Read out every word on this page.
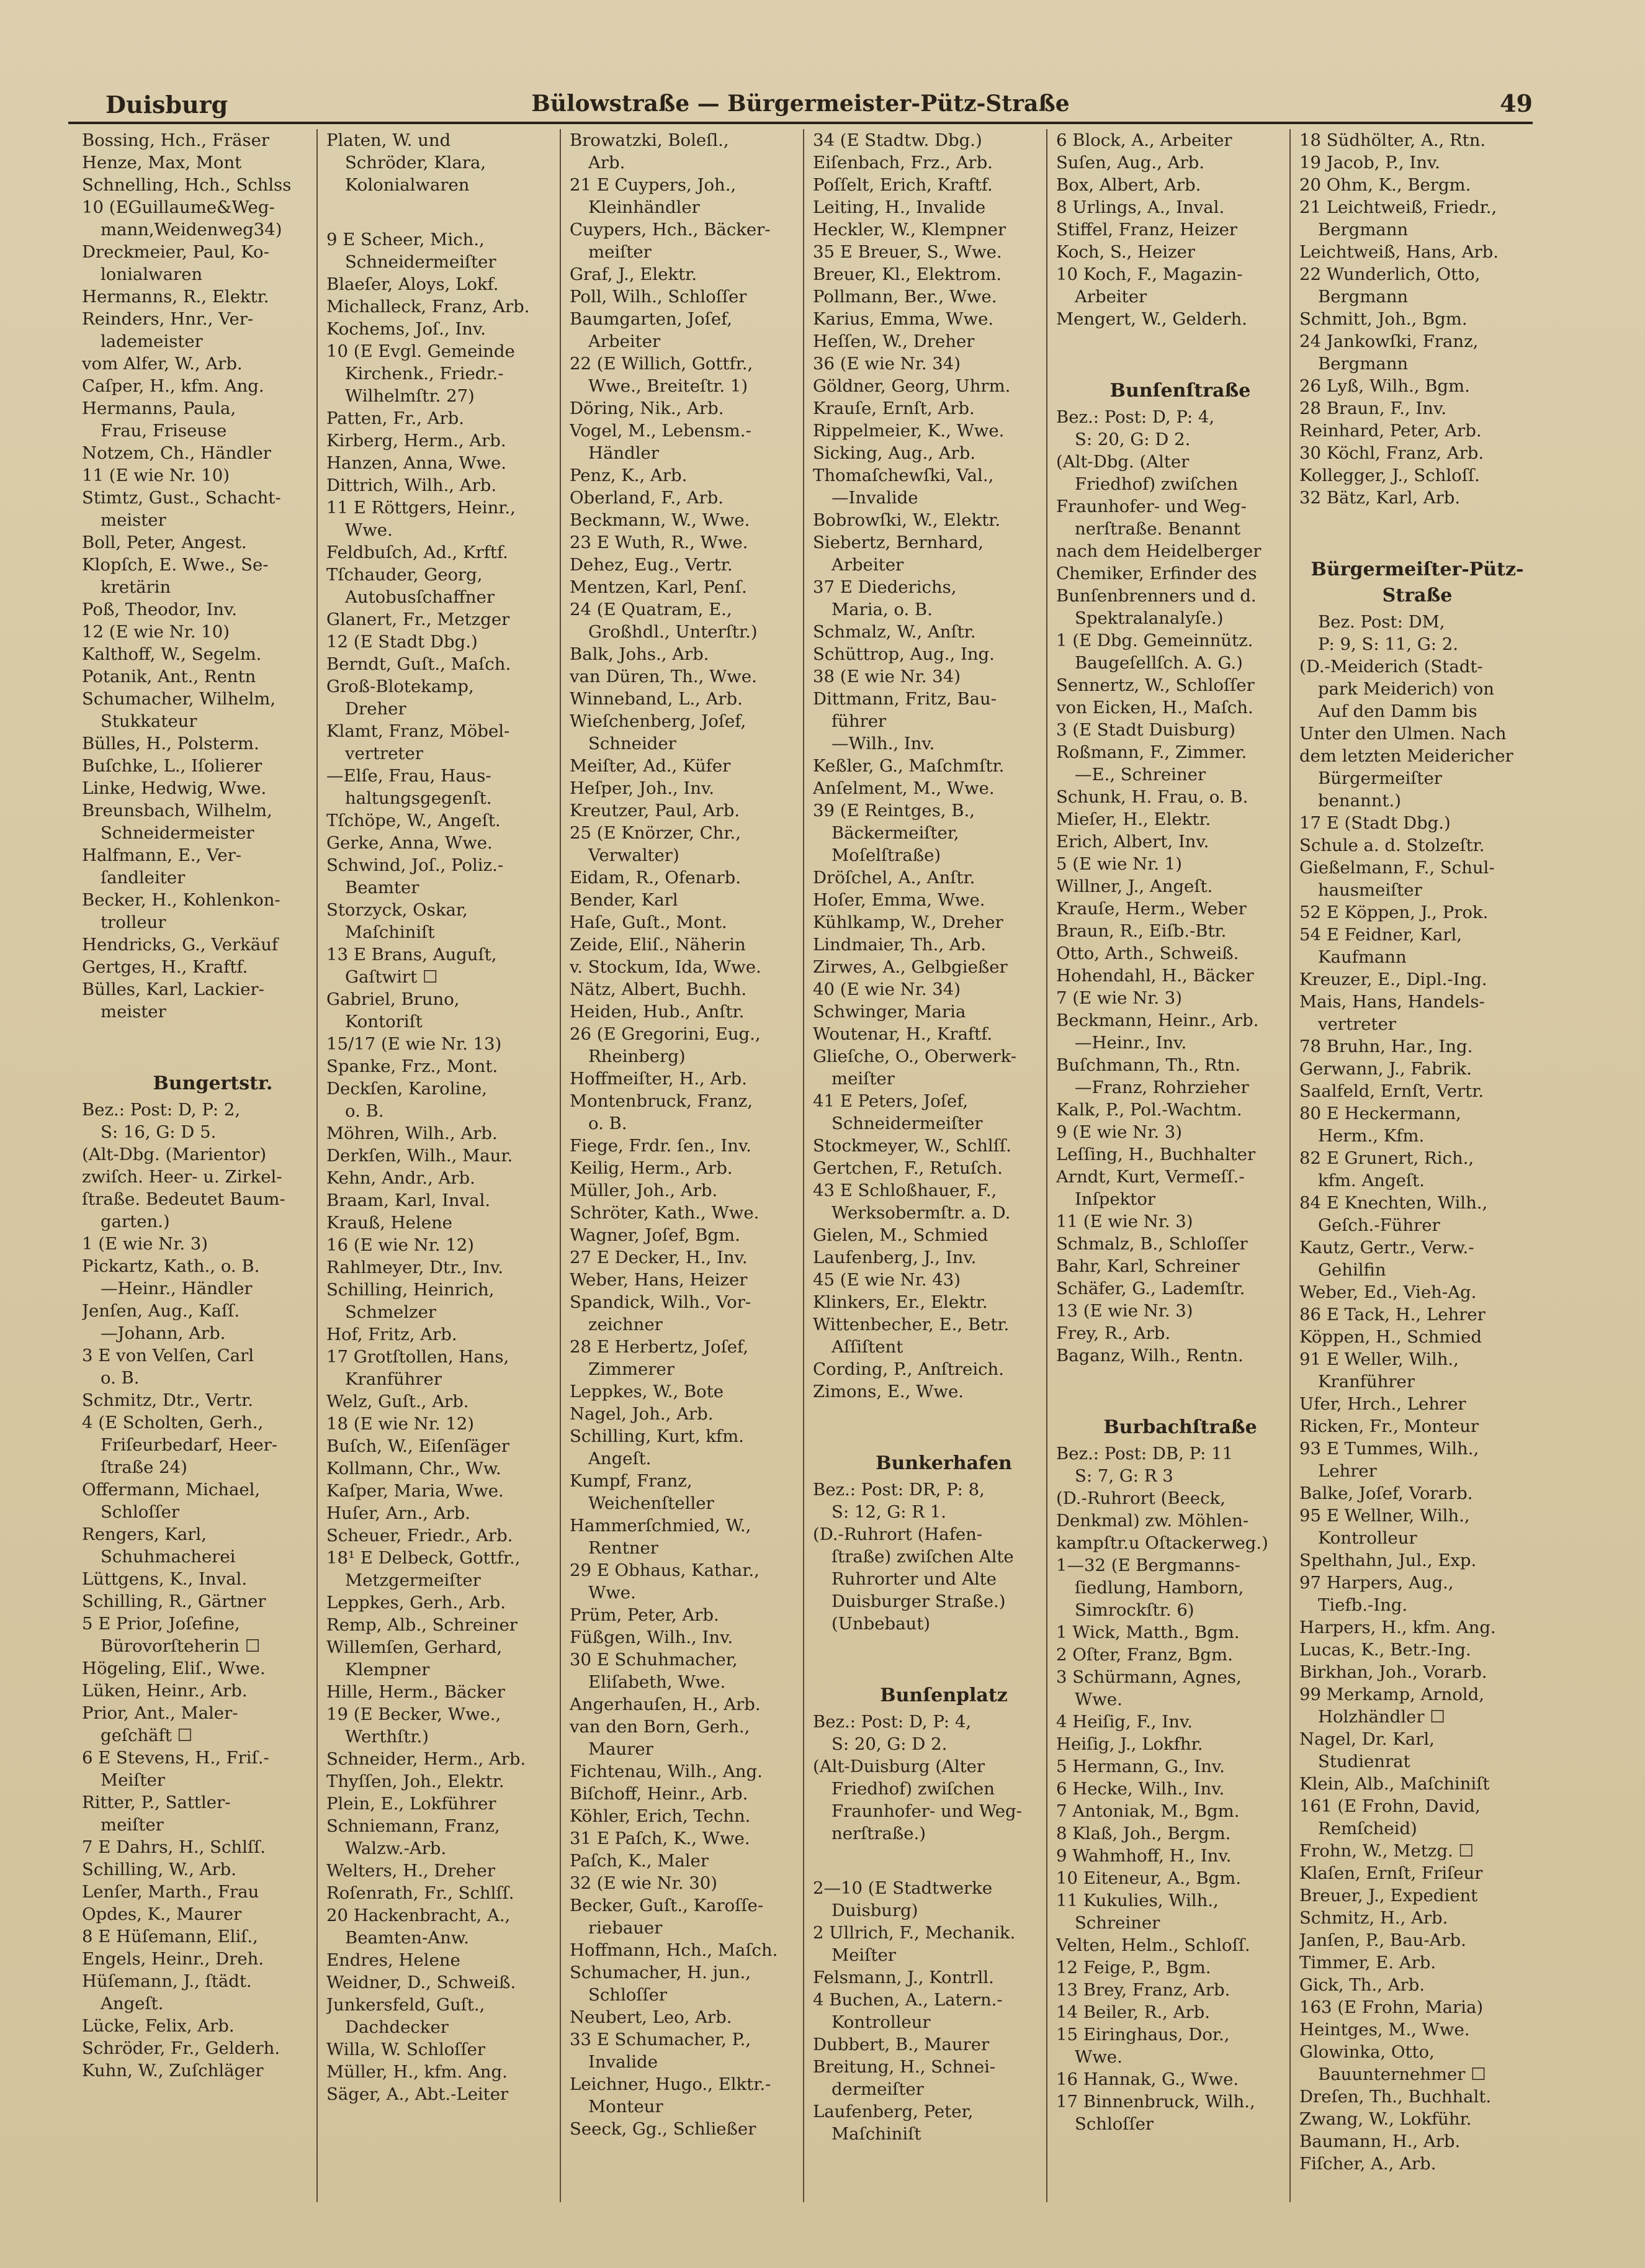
Duisburg	Bülowstraße — Bürgermeister-Pütz-Straße	49
Bossing, Hch., Fräser
Henze, Max, Mont
Schnelling, Hch., Schlss
10 (EGuillaume&Weg-
mann,Weidenweg34)
Dreckmeier, Paul, Ko-
lonialwaren
Hermanns, R., Elektr.
Reinders, Hnr., Ver-
lademeister
vom Alfer, W., Arb.
Caſper, H., kfm. Ang.
Hermanns, Paula,
Frau, Friseuse
Notzem, Ch., Händler
11 (E wie Nr. 10)
Stimtz, Gust., Schacht-
meister
Boll, Peter, Angest.
Klopſch, E. Wwe., Se-
kretärin
Poß, Theodor, Inv.
12 (E wie Nr. 10)
Kalthoff, W., Segelm.
Potanik, Ant., Rentn
Schumacher, Wilhelm,
Stukkateur
Bülles, H., Polsterm.
Buſchke, L., Iſolierer
Linke, Hedwig, Wwe.
Breunsbach, Wilhelm,
Schneidermeister
Halfmann, E., Ver-
ſandleiter
Becker, H., Kohlenkon-
trolleur
Hendricks, G., Verkäuf
Gertges, H., Kraftf.
Bülles, Karl, Lackier-
meister
Bungertstr.
Bez.: Post: D, P: 2,
S: 16, G: D 5.
(Alt-Dbg. (Marientor)
zwiſch. Heer- u. Zirkel-
ſtraße. Bedeutet Baum-
garten.)
1 (E wie Nr. 3)
Pickartz, Kath., o. B.
—Heinr., Händler
Jenſen, Aug., Kaſſ.
—Johann, Arb.
3 E von Velſen, Carl
o. B.
Schmitz, Dtr., Vertr.
4 (E Scholten, Gerh.,
Friſeurbedarf, Heer-
ſtraße 24)
Offermann, Michael,
Schloſſer
Rengers, Karl,
Schuhmacherei
Lüttgens, K., Inval.
Schilling, R., Gärtner
5 E Prior, Joſefine,
Bürovorſteherin ☐
Högeling, Eliſ., Wwe.
Lüken, Heinr., Arb.
Prior, Ant., Maler-
geſchäft ☐
6 E Stevens, H., Friſ.-
Meiſter
Ritter, P., Sattler-
meiſter
7 E Dahrs, H., Schlſſ.
Schilling, W., Arb.
Lenſer, Marth., Frau
Opdes, K., Maurer
8 E Hüſemann, Eliſ.,
Engels, Heinr., Dreh.
Hüſemann, J., ſtädt.
Angeſt.
Lücke, Felix, Arb.
Schröder, Fr., Gelderh.
Kuhn, W., Zuſchläger
Platen, W. und
Schröder, Klara,
Kolonialwaren
9 E Scheer, Mich.,
Schneidermeiſter
Blaeſer, Aloys, Lokf.
Michalleck, Franz, Arb.
Kochems, Joſ., Inv.
10 (E Evgl. Gemeinde
Kirchenk., Friedr.-
Wilhelmſtr. 27)
Patten, Fr., Arb.
Kirberg, Herm., Arb.
Hanzen, Anna, Wwe.
Dittrich, Wilh., Arb.
11 E Röttgers, Heinr.,
Wwe.
Feldbuſch, Ad., Krftf.
Tſchauder, Georg,
Autobusſchaffner
Glanert, Fr., Metzger
12 (E Stadt Dbg.)
Berndt, Guſt., Maſch.
Groß-Blotekamp,
Dreher
Klamt, Franz, Möbel-
vertreter
—Elſe, Frau, Haus-
haltungsgegenſt.
Tſchöpe, W., Angeſt.
Gerke, Anna, Wwe.
Schwind, Joſ., Poliz.-
Beamter
Storzyck, Oskar,
Maſchiniſt
13 E Brans, Auguſt,
Gaſtwirt ☐
Gabriel, Bruno,
Kontoriſt
15/17 (E wie Nr. 13)
Spanke, Frz., Mont.
Deckſen, Karoline,
o. B.
Möhren, Wilh., Arb.
Derkſen, Wilh., Maur.
Kehn, Andr., Arb.
Braam, Karl, Inval.
Krauß, Helene
16 (E wie Nr. 12)
Rahlmeyer, Dtr., Inv.
Schilling, Heinrich,
Schmelzer
Hof, Fritz, Arb.
17 Grotſtollen, Hans,
Kranführer
Welz, Guſt., Arb.
18 (E wie Nr. 12)
Buſch, W., Eiſenſäger
Kollmann, Chr., Ww.
Kaſper, Maria, Wwe.
Huſer, Arn., Arb.
Scheuer, Friedr., Arb.
18¹ E Delbeck, Gottfr.,
Metzgermeiſter
Leppkes, Gerh., Arb.
Remp, Alb., Schreiner
Willemſen, Gerhard,
Klempner
Hille, Herm., Bäcker
19 (E Becker, Wwe.,
Werthſtr.)
Schneider, Herm., Arb.
Thyſſen, Joh., Elektr.
Plein, E., Lokführer
Schniemann, Franz,
Walzw.-Arb.
Welters, H., Dreher
Roſenrath, Fr., Schlſſ.
20 Hackenbracht, A.,
Beamten-Anw.
Endres, Helene
Weidner, D., Schweiß.
Junkersfeld, Guſt.,
Dachdecker
Willa, W. Schloſſer
Müller, H., kfm. Ang.
Säger, A., Abt.-Leiter
Browatzki, Boleſl.,
Arb.
21 E Cuypers, Joh.,
Kleinhändler
Cuypers, Hch., Bäcker-
meiſter
Graf, J., Elektr.
Poll, Wilh., Schloſſer
Baumgarten, Joſef,
Arbeiter
22 (E Willich, Gottfr.,
Wwe., Breiteſtr. 1)
Döring, Nik., Arb.
Vogel, M., Lebensm.-
Händler
Penz, K., Arb.
Oberland, F., Arb.
Beckmann, W., Wwe.
23 E Wuth, R., Wwe.
Dehez, Eug., Vertr.
Mentzen, Karl, Penſ.
24 (E Quatram, E.,
Großhdl., Unterſtr.)
Balk, Johs., Arb.
van Düren, Th., Wwe.
Winneband, L., Arb.
Wieſchenberg, Joſef,
Schneider
Meiſter, Ad., Küfer
Heſper, Joh., Inv.
Kreutzer, Paul, Arb.
25 (E Knörzer, Chr.,
Verwalter)
Eidam, R., Ofenarb.
Bender, Karl
Haſe, Guſt., Mont.
Zeide, Eliſ., Näherin
v. Stockum, Ida, Wwe.
Nätz, Albert, Buchh.
Heiden, Hub., Anſtr.
26 (E Gregorini, Eug.,
Rheinberg)
Hoffmeiſter, H., Arb.
Montenbruck, Franz,
o. B.
Fiege, Frdr. ſen., Inv.
Keilig, Herm., Arb.
Müller, Joh., Arb.
Schröter, Kath., Wwe.
Wagner, Joſef, Bgm.
27 E Decker, H., Inv.
Weber, Hans, Heizer
Spandick, Wilh., Vor-
zeichner
28 E Herbertz, Joſef,
Zimmerer
Leppkes, W., Bote
Nagel, Joh., Arb.
Schilling, Kurt, kfm.
Angeſt.
Kumpf, Franz,
Weichenſteller
Hammerſchmied, W.,
Rentner
29 E Obhaus, Kathar.,
Wwe.
Prüm, Peter, Arb.
Füßgen, Wilh., Inv.
30 E Schuhmacher,
Eliſabeth, Wwe.
Angerhauſen, H., Arb.
van den Born, Gerh.,
Maurer
Fichtenau, Wilh., Ang.
Biſchoff, Heinr., Arb.
Köhler, Erich, Techn.
31 E Paſch, K., Wwe.
Paſch, K., Maler
32 (E wie Nr. 30)
Becker, Guſt., Karoſſe-
riebauer
Hoffmann, Hch., Maſch.
Schumacher, H. jun.,
Schloſſer
Neubert, Leo, Arb.
33 E Schumacher, P.,
Invalide
Leichner, Hugo., Elktr.-
Monteur
Seeck, Gg., Schließer
34 (E Stadtw. Dbg.)
Eiſenbach, Frz., Arb.
Poſſelt, Erich, Kraftf.
Leiting, H., Invalide
Heckler, W., Klempner
35 E Breuer, S., Wwe.
Breuer, Kl., Elektrom.
Pollmann, Ber., Wwe.
Karius, Emma, Wwe.
Heſſen, W., Dreher
36 (E wie Nr. 34)
Göldner, Georg, Uhrm.
Krauſe, Ernſt, Arb.
Rippelmeier, K., Wwe.
Sicking, Aug., Arb.
Thomaſchewſki, Val.,
—Invalide
Bobrowſki, W., Elektr.
Siebertz, Bernhard,
Arbeiter
37 E Diederichs,
Maria, o. B.
Schmalz, W., Anſtr.
Schüttrop, Aug., Ing.
38 (E wie Nr. 34)
Dittmann, Fritz, Bau-
führer
—Wilh., Inv.
Keßler, G., Maſchmſtr.
Anſelment, M., Wwe.
39 (E Reintges, B.,
Bäckermeiſter,
Moſelſtraße)
Dröſchel, A., Anſtr.
Hoſer, Emma, Wwe.
Kühlkamp, W., Dreher
Lindmaier, Th., Arb.
Zirwes, A., Gelbgießer
40 (E wie Nr. 34)
Schwinger, Maria
Woutenar, H., Kraftf.
Glieſche, O., Oberwerk-
meiſter
41 E Peters, Joſef,
Schneidermeiſter
Stockmeyer, W., Schlſſ.
Gertchen, F., Retuſch.
43 E Schloßhauer, F.,
Werksobermſtr. a. D.
Gielen, M., Schmied
Laufenberg, J., Inv.
45 (E wie Nr. 43)
Klinkers, Er., Elektr.
Wittenbecher, E., Betr.
Aſſiſtent
Cording, P., Anſtreich.
Zimons, E., Wwe.
Bunkerhafen
Bez.: Post: DR, P: 8,
S: 12, G: R 1.
(D.-Ruhrort (Hafen-
ſtraße) zwiſchen Alte
Ruhrorter und Alte
Duisburger Straße.)
(Unbebaut)
Bunſenplatz
Bez.: Post: D, P: 4,
S: 20, G: D 2.
(Alt-Duisburg (Alter
Friedhof) zwiſchen
Fraunhofer- und Weg-
nerſtraße.)
2—10 (E Stadtwerke
Duisburg)
2 Ullrich, F., Mechanik.
Meiſter
Felsmann, J., Kontrll.
4 Buchen, A., Latern.-
Kontrolleur
Dubbert, B., Maurer
Breitung, H., Schnei-
dermeiſter
Laufenberg, Peter,
Maſchiniſt
6 Block, A., Arbeiter
Suſen, Aug., Arb.
Box, Albert, Arb.
8 Urlings, A., Inval.
Stiffel, Franz, Heizer
Koch, S., Heizer
10 Koch, F., Magazin-
Arbeiter
Mengert, W., Gelderh.
Bunſenſtraße
Bez.: Post: D, P: 4,
S: 20, G: D 2.
(Alt-Dbg. (Alter
Friedhof) zwiſchen
Fraunhofer- und Weg-
nerſtraße. Benannt
nach dem Heidelberger
Chemiker, Erfinder des
Bunſenbrenners und d.
Spektralanalyſe.)
1 (E Dbg. Gemeinnütz.
Baugeſellſch. A. G.)
Sennertz, W., Schloſſer
von Eicken, H., Maſch.
3 (E Stadt Duisburg)
Roßmann, F., Zimmer.
—E., Schreiner
Schunk, H. Frau, o. B.
Mieſer, H., Elektr.
Erich, Albert, Inv.
5 (E wie Nr. 1)
Willner, J., Angeſt.
Krauſe, Herm., Weber
Braun, R., Eiſb.-Btr.
Otto, Arth., Schweiß.
Hohendahl, H., Bäcker
7 (E wie Nr. 3)
Beckmann, Heinr., Arb.
—Heinr., Inv.
Buſchmann, Th., Rtn.
—Franz, Rohrzieher
Kalk, P., Pol.-Wachtm.
9 (E wie Nr. 3)
Leſſing, H., Buchhalter
Arndt, Kurt, Vermeſſ.-
Inſpektor
11 (E wie Nr. 3)
Schmalz, B., Schloſſer
Bahr, Karl, Schreiner
Schäfer, G., Lademſtr.
13 (E wie Nr. 3)
Frey, R., Arb.
Baganz, Wilh., Rentn.
Burbachſtraße
Bez.: Post: DB, P: 11
S: 7, G: R 3
(D.-Ruhrort (Beeck,
Denkmal) zw. Möhlen-
kampſtr.u Oſtackerweg.)
1—32 (E Bergmanns-
ſiedlung, Hamborn,
Simrockſtr. 6)
1 Wick, Matth., Bgm.
2 Oſter, Franz, Bgm.
3 Schürmann, Agnes,
Wwe.
4 Heiſig, F., Inv.
Heiſig, J., Lokfhr.
5 Hermann, G., Inv.
6 Hecke, Wilh., Inv.
7 Antoniak, M., Bgm.
8 Klaß, Joh., Bergm.
9 Wahmhoff, H., Inv.
10 Eiteneur, A., Bgm.
11 Kukulies, Wilh.,
Schreiner
Velten, Helm., Schloſſ.
12 Feige, P., Bgm.
13 Brey, Franz, Arb.
14 Beiler, R., Arb.
15 Eiringhaus, Dor.,
Wwe.
16 Hannak, G., Wwe.
17 Binnenbruck, Wilh.,
Schloſſer
18 Südhölter, A., Rtn.
19 Jacob, P., Inv.
20 Ohm, K., Bergm.
21 Leichtweiß, Friedr.,
Bergmann
Leichtweiß, Hans, Arb.
22 Wunderlich, Otto,
Bergmann
Schmitt, Joh., Bgm.
24 Jankowſki, Franz,
Bergmann
26 Lyß, Wilh., Bgm.
28 Braun, F., Inv.
Reinhard, Peter, Arb.
30 Köchl, Franz, Arb.
Kollegger, J., Schloſſ.
32 Bätz, Karl, Arb.
Bürgermeiſter-Pütz-
Straße
Bez. Post: DM,
P: 9, S: 11, G: 2.
(D.-Meiderich (Stadt-
park Meiderich) von
Auf den Damm bis
Unter den Ulmen. Nach
dem letzten Meidericher
Bürgermeiſter
benannt.)
17 E (Stadt Dbg.)
Schule a. d. Stolzeſtr.
Gießelmann, F., Schul-
hausmeiſter
52 E Köppen, J., Prok.
54 E Feidner, Karl,
Kaufmann
Kreuzer, E., Dipl.-Ing.
Mais, Hans, Handels-
vertreter
78 Bruhn, Har., Ing.
Gerwann, J., Fabrik.
Saalfeld, Ernſt, Vertr.
80 E Heckermann,
Herm., Kfm.
82 E Grunert, Rich.,
kfm. Angeſt.
84 E Knechten, Wilh.,
Geſch.-Führer
Kautz, Gertr., Verw.-
Gehilfin
Weber, Ed., Vieh-Ag.
86 E Tack, H., Lehrer
Köppen, H., Schmied
91 E Weller, Wilh.,
Kranführer
Ufer, Hrch., Lehrer
Ricken, Fr., Monteur
93 E Tummes, Wilh.,
Lehrer
Balke, Joſef, Vorarb.
95 E Wellner, Wilh.,
Kontrolleur
Spelthahn, Jul., Exp.
97 Harpers, Aug.,
Tiefb.-Ing.
Harpers, H., kfm. Ang.
Lucas, K., Betr.-Ing.
Birkhan, Joh., Vorarb.
99 Merkamp, Arnold,
Holzhändler ☐
Nagel, Dr. Karl,
Studienrat
Klein, Alb., Maſchiniſt
161 (E Frohn, David,
Remſcheid)
Frohn, W., Metzg. ☐
Klaſen, Ernſt, Friſeur
Breuer, J., Expedient
Schmitz, H., Arb.
Janſen, P., Bau-Arb.
Timmer, E. Arb.
Gick, Th., Arb.
163 (E Frohn, Maria)
Heintges, M., Wwe.
Glowinka, Otto,
Bauunternehmer ☐
Dreſen, Th., Buchhalt.
Zwang, W., Lokführ.
Baumann, H., Arb.
Fiſcher, A., Arb.
